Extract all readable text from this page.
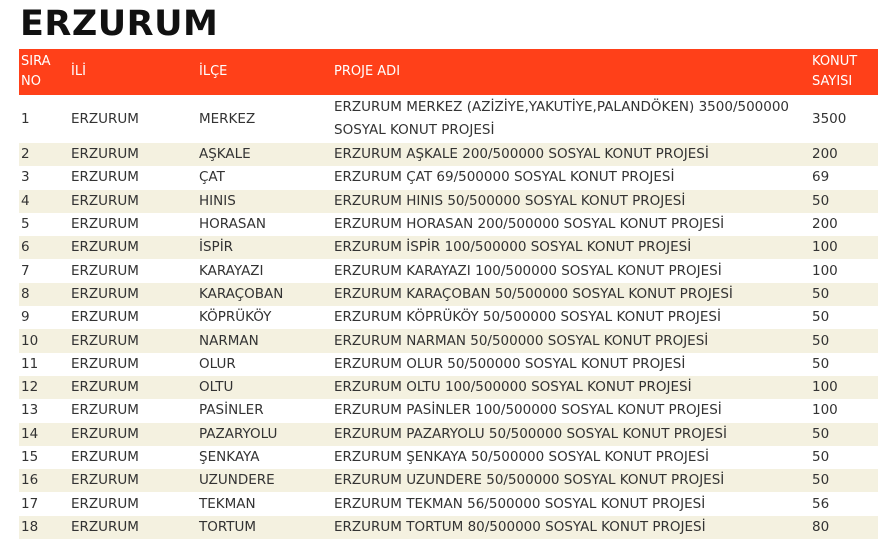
ERZURUM
SIRA NO	İLİ	İLÇE	PROJE ADI	KONUT SAYISI
1	ERZURUM	MERKEZ	ERZURUM MERKEZ (AZİZİYE,YAKUTİYE,PALANDÖKEN) 3500/500000 SOSYAL KONUT PROJESİ	3500
2	ERZURUM	AŞKALE	ERZURUM AŞKALE 200/500000 SOSYAL KONUT PROJESİ	200
3	ERZURUM	ÇAT	ERZURUM ÇAT 69/500000 SOSYAL KONUT PROJESİ	69
4	ERZURUM	HINIS	ERZURUM HINIS 50/500000 SOSYAL KONUT PROJESİ	50
5	ERZURUM	HORASAN	ERZURUM HORASAN 200/500000 SOSYAL KONUT PROJESİ	200
6	ERZURUM	İSPİR	ERZURUM İSPİR 100/500000 SOSYAL KONUT PROJESİ	100
7	ERZURUM	KARAYAZI	ERZURUM KARAYAZI 100/500000 SOSYAL KONUT PROJESİ	100
8	ERZURUM	KARAÇOBAN	ERZURUM KARAÇOBAN 50/500000 SOSYAL KONUT PROJESİ	50
9	ERZURUM	KÖPRÜKÖY	ERZURUM KÖPRÜKÖY 50/500000 SOSYAL KONUT PROJESİ	50
10	ERZURUM	NARMAN	ERZURUM NARMAN 50/500000 SOSYAL KONUT PROJESİ	50
11	ERZURUM	OLUR	ERZURUM OLUR 50/500000 SOSYAL KONUT PROJESİ	50
12	ERZURUM	OLTU	ERZURUM OLTU 100/500000 SOSYAL KONUT PROJESİ	100
13	ERZURUM	PASİNLER	ERZURUM PASİNLER 100/500000 SOSYAL KONUT PROJESİ	100
14	ERZURUM	PAZARYOLU	ERZURUM PAZARYOLU 50/500000 SOSYAL KONUT PROJESİ	50
15	ERZURUM	ŞENKAYA	ERZURUM ŞENKAYA 50/500000 SOSYAL KONUT PROJESİ	50
16	ERZURUM	UZUNDERE	ERZURUM UZUNDERE 50/500000 SOSYAL KONUT PROJESİ	50
17	ERZURUM	TEKMAN	ERZURUM TEKMAN 56/500000 SOSYAL KONUT PROJESİ	56
18	ERZURUM	TORTUM	ERZURUM TORTUM 80/500000 SOSYAL KONUT PROJESİ	80
